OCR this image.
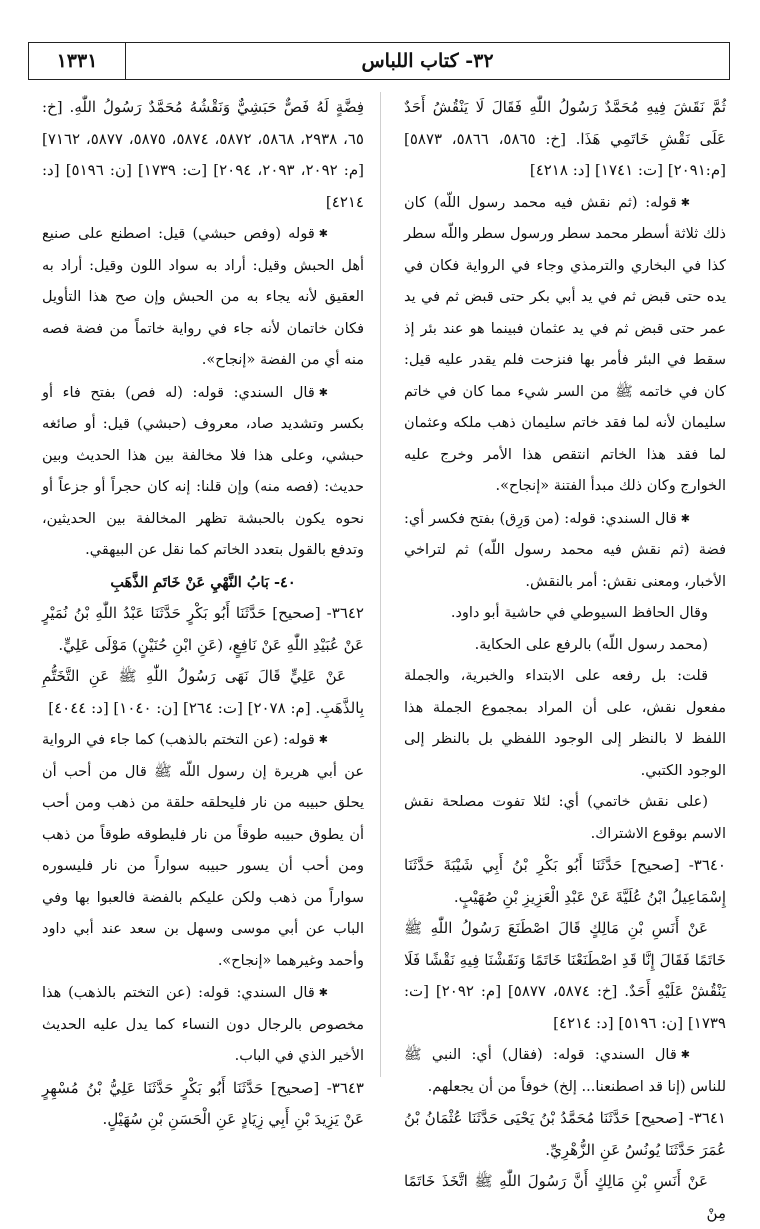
٣٢- كتاب اللباس
١٣٣١

ثُمَّ نَقَشَ فِيهِ مُحَمَّدٌ رَسُولُ اللّٰهِ فَقَالَ لَا يَنْقُشُ أَحَدٌ عَلَى نَقْشِ خَاتَمِي هَذَا. [خ: ٥٨٦٥، ٥٨٦٦، ٥٨٧٣] [م:٢٠٩١] [ت: ١٧٤١] [د: ٤٢١٨]

✱قوله: (ثم نقش فيه محمد رسول اللّه) كان ذلك ثلاثة أسطر محمد سطر ورسول سطر واللّه سطر كذا في البخاري والترمذي وجاء في الرواية فكان في يده حتى قبض ثم في يد أبي بكر حتى قبض ثم في يد عمر حتى قبض ثم في يد عثمان فبينما هو عند بئر إذ سقط في البئر فأمر بها فنزحت فلم يقدر عليه قيل: كان في خاتمه ﷺ من السر شيء مما كان في خاتم سليمان لأنه لما فقد خاتم سليمان ذهب ملكه وعثمان لما فقد هذا الخاتم انتقص هذا الأمر وخرج عليه الخوارج وكان ذلك مبدأ الفتنة «إنجاح».

✱قال السندي: قوله: (من وَرِق) بفتح فكسر أي: فضة (ثم نقش فيه محمد رسول اللّه) ثم لتراخي الأخبار، ومعنى نقش: أمر بالنقش.

وقال الحافظ السيوطي في حاشية أبو داود.

(محمد رسول اللّه) بالرفع على الحكاية.

قلت: بل رفعه على الابتداء والخبرية، والجملة مفعول نقش، على أن المراد بمجموع الجملة هذا اللفظ لا بالنظر إلى الوجود اللفظي بل بالنظر إلى الوجود الكتبي.

(على نقش خاتمي) أي: لئلا تفوت مصلحة نقش الاسم بوقوع الاشتراك.

٣٦٤٠- [صحيح] حَدَّثَنَا أَبُو بَكْرِ بْنُ أَبِي شَيْبَةَ حَدَّثَنَا إِسْمَاعِيلُ ابْنُ عُلَيَّةَ عَنْ عَبْدِ الْعَزِيزِ بْنِ صُهَيْبٍ.

عَنْ أَنَسِ بْنِ مَالِكٍ قَالَ اصْطَنَعَ رَسُولُ اللّٰهِ ﷺ خَاتَمًا فَقَالَ إِنَّا قَدِ اصْطَنَعْنَا خَاتَمًا وَنَقَشْنَا فِيهِ نَقْشًا فَلَا يَنْقُشْ عَلَيْهِ أَحَدٌ. [خ: ٥٨٧٤، ٥٨٧٧] [م: ٢٠٩٢] [ت: ١٧٣٩] [ن: ٥١٩٦] [د: ٤٢١٤]

✱قال السندي: قوله: (فقال) أي: النبي ﷺ للناس (إنا قد اصطنعنا... إلخ) خوفاً من أن يجعلهم.

٣٦٤١- [صحيح] حَدَّثَنَا مُحَمَّدُ بْنُ يَحْيَى حَدَّثَنَا عُثْمَانُ بْنُ عُمَرَ حَدَّثَنَا يُونُسُ عَنِ الزُّهْرِيِّ.

عَنْ أَنَسِ بْنِ مَالِكٍ أَنَّ رَسُولَ اللّٰهِ ﷺ اتَّخَذَ خَاتَمًا مِنْ

فِضَّةٍ لَهُ فَصٌّ حَبَشِيٌّ وَنَقْشُهُ مُحَمَّدٌ رَسُولُ اللّٰهِ. [خ: ٦٥، ٢٩٣٨، ٥٨٦٨، ٥٨٧٢، ٥٨٧٤، ٥٨٧٥، ٥٨٧٧، ٧١٦٢] [م: ٢٠٩٢، ٢٠٩٣، ٢٠٩٤] [ت: ١٧٣٩] [ن: ٥١٩٦] [د: ٤٢١٤]

✱قوله (وفص حبشي) قيل: اصطنع على صنيع أهل الحبش وقيل: أراد به سواد اللون وقيل: أراد به العقيق لأنه يجاء به من الحبش وإن صح هذا التأويل فكان خاتمان لأنه جاء في رواية خاتماً من فضة فصه منه أي من الفضة «إنجاح».

✱قال السندي: قوله: (له فص) بفتح فاء أو بكسر وتشديد صاد، معروف (حبشي) قيل: أو صائغه حبشي، وعلى هذا فلا مخالفة بين هذا الحديث وبين حديث: (فصه منه) وإن قلنا: إنه كان حجراً أو جزعاً أو نحوه يكون بالحبشة تظهر المخالفة بين الحديثين، وتدفع بالقول بتعدد الخاتم كما نقل عن البيهقي.

٤٠- بَابُ النَّهْيِ عَنْ خَاتَمِ الذَّهَبِ

٣٦٤٢- [صحيح] حَدَّثَنَا أَبُو بَكْرٍ حَدَّثَنَا عَبْدُ اللّٰهِ بْنُ نُمَيْرٍ عَنْ عُبَيْدِ اللّٰهِ عَنْ نَافِعٍ، (عَنِ ابْنِ حُنَيْنٍ) مَوْلَى عَلِيٍّ.

عَنْ عَلِيٍّ قَالَ نَهَى رَسُولُ اللّٰهِ ﷺ عَنِ التَّخَتُّمِ بِالذَّهَبِ. [م: ٢٠٧٨] [ت: ٢٦٤] [ن: ١٠٤٠] [د: ٤٠٤٤]

✱قوله: (عن التختم بالذهب) كما جاء في الرواية عن أبي هريرة إن رسول اللّه ﷺ قال من أحب أن يحلق حبيبه من نار فليحلقه حلقة من ذهب ومن أحب أن يطوق حبيبه طوقاً من نار فليطوقه طوقاً من ذهب ومن أحب أن يسور حبيبه سواراً من نار فليسوره سواراً من ذهب ولكن عليكم بالفضة فالعبوا بها وفي الباب عن أبي موسى وسهل بن سعد عند أبي داود وأحمد وغيرهما «إنجاح».

✱قال السندي: قوله: (عن التختم بالذهب) هذا مخصوص بالرجال دون النساء كما يدل عليه الحديث الأخير الذي في الباب.

٣٦٤٣- [صحيح] حَدَّثَنَا أَبُو بَكْرٍ حَدَّثَنَا عَلِيُّ بْنُ مُسْهِرٍ عَنْ يَزِيدَ بْنِ أَبِي زِيَادٍ عَنِ الْحَسَنِ بْنِ سُهَيْلٍ.
